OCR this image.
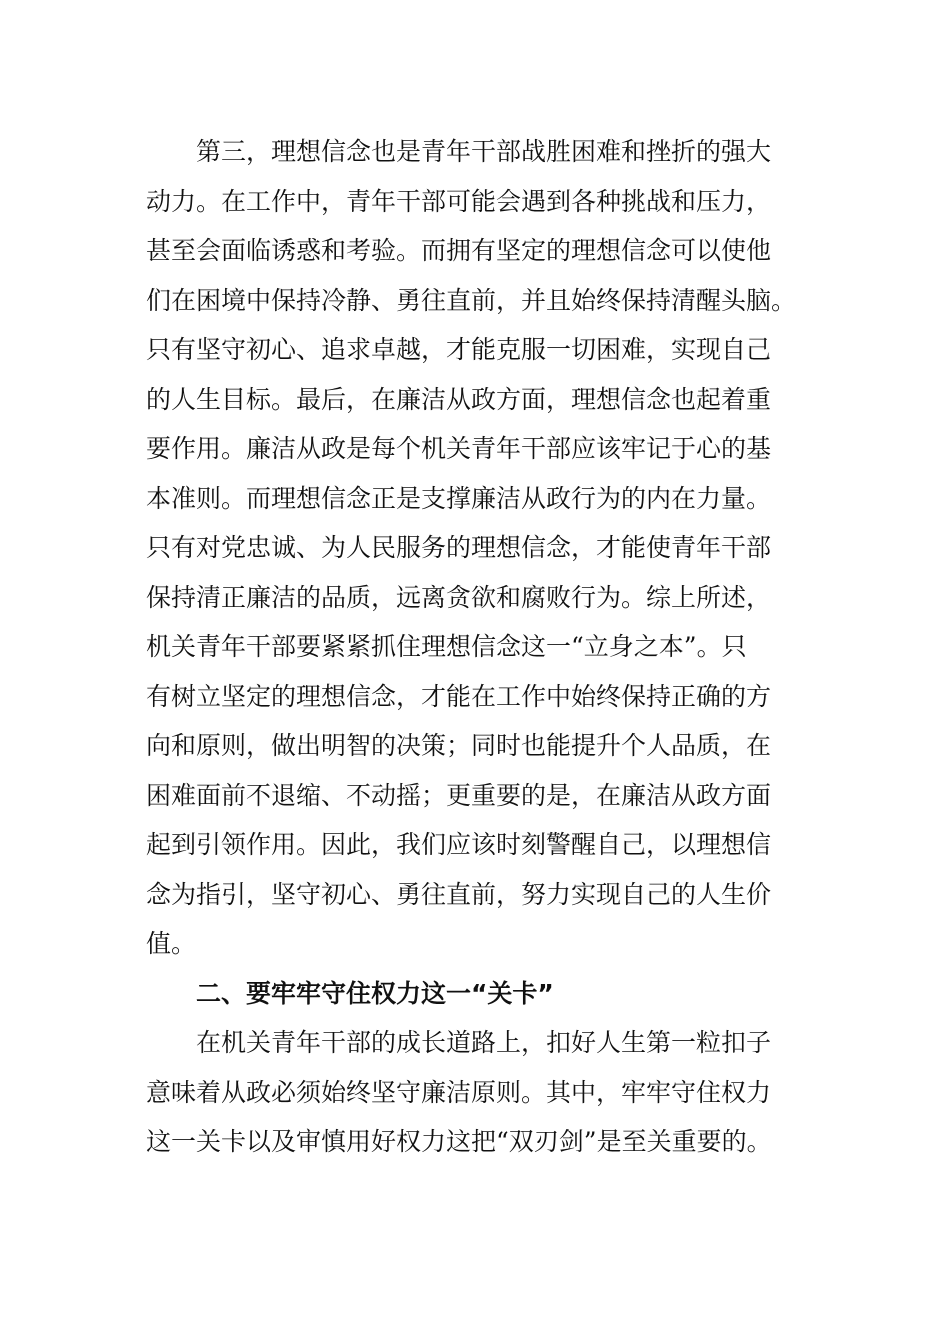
第三，理想信念也是青年干部战胜困难和挫折的强大
动力。在工作中，青年干部可能会遇到各种挑战和压力，
甚至会面临诱惑和考验。而拥有坚定的理想信念可以使他
们在困境中保持冷静、勇往直前，并且始终保持清醒头脑。
只有坚守初心、追求卓越，才能克服一切困难，实现自己
的人生目标。最后，在廉洁从政方面，理想信念也起着重
要作用。廉洁从政是每个机关青年干部应该牢记于心的基
本准则。而理想信念正是支撑廉洁从政行为的内在力量。
只有对党忠诚、为人民服务的理想信念，才能使青年干部
保持清正廉洁的品质，远离贪欲和腐败行为。综上所述，
机关青年干部要紧紧抓住理想信念这一“立身之本”。只
有树立坚定的理想信念，才能在工作中始终保持正确的方
向和原则，做出明智的决策；同时也能提升个人品质，在
困难面前不退缩、不动摇；更重要的是，在廉洁从政方面
起到引领作用。因此，我们应该时刻警醒自己，以理想信
念为指引，坚守初心、勇往直前，努力实现自己的人生价
值。
二、要牢牢守住权力这一“关卡”
在机关青年干部的成长道路上，扣好人生第一粒扣子
意味着从政必须始终坚守廉洁原则。其中，牢牢守住权力
这一关卡以及审慎用好权力这把“双刃剑”是至关重要的。
